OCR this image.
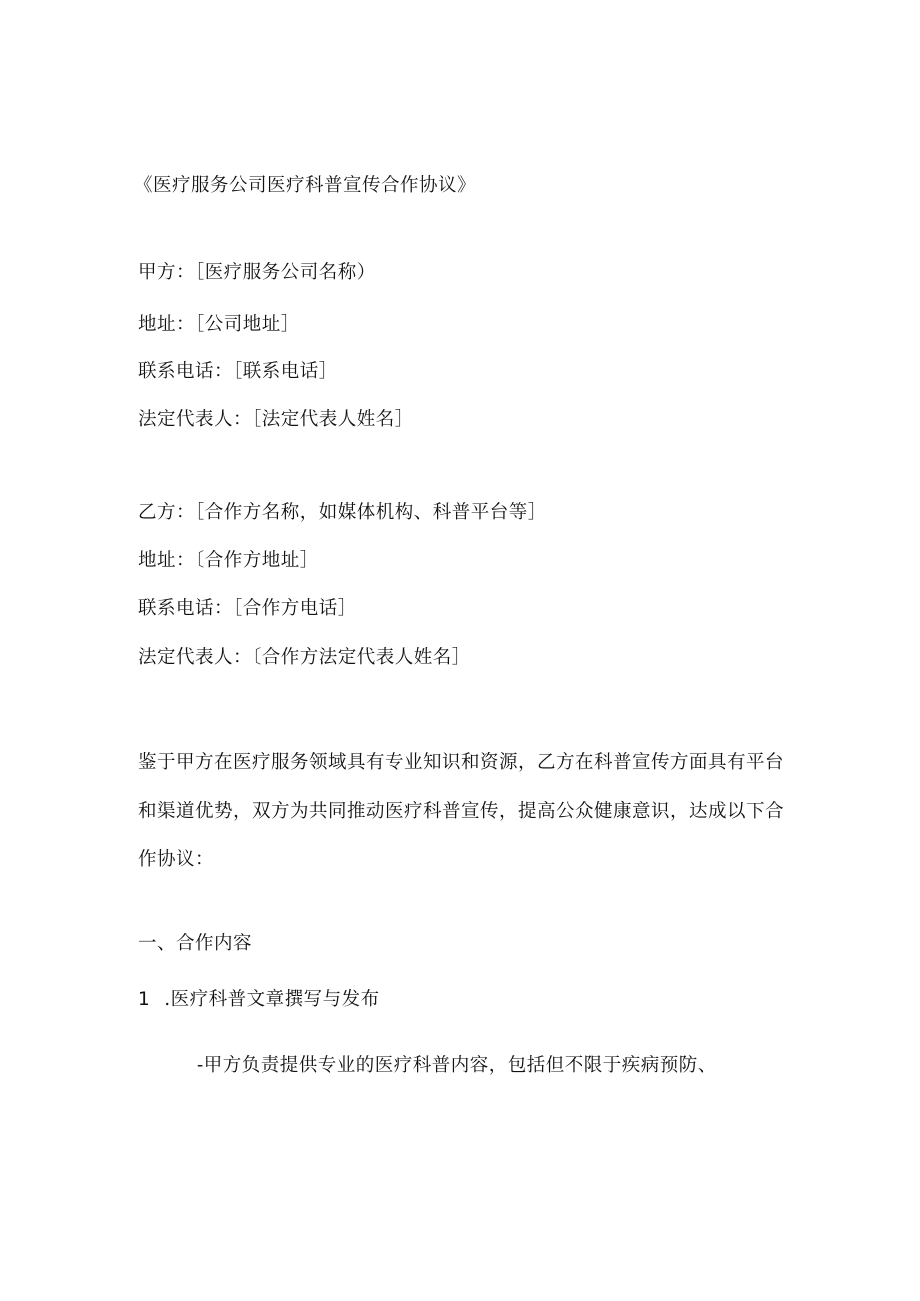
《医疗服务公司医疗科普宣传合作协议》
甲方：［医疗服务公司名称）
地址：［公司地址］
联系电话：［联系电话］
法定代表人：［法定代表人姓名］
乙方：［合作方名称，如媒体机构、科普平台等］
地址：〔合作方地址］
联系电话：［合作方电话］
法定代表人：〔合作方法定代表人姓名］
鉴于甲方在医疗服务领域具有专业知识和资源，乙方在科普宣传方面具有平台
和渠道优势，双方为共同推动医疗科普宣传，提高公众健康意识，达成以下合
作协议：
一、合作内容
1 .医疗科普文章撰写与发布
-甲方负责提供专业的医疗科普内容，包括但不限于疾病预防、
